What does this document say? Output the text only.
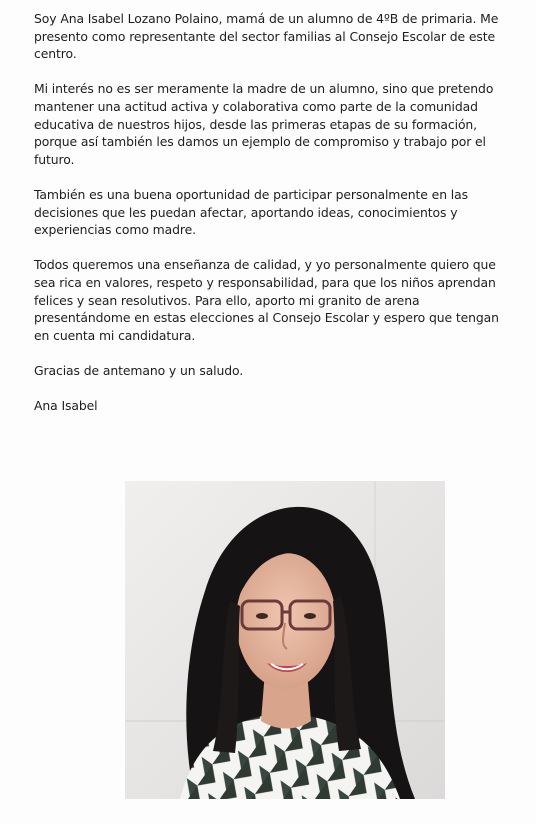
Soy Ana Isabel Lozano Polaino, mamá de un alumno de 4ºB de primaria. Me presento como representante del sector familias al Consejo Escolar de este centro.

Mi interés no es ser meramente la madre de un alumno, sino que pretendo mantener una actitud activa y colaborativa como parte de la comunidad educativa de nuestros hijos, desde las primeras etapas de su formación, porque así también les damos un ejemplo de compromiso y trabajo por el futuro.

También es una buena oportunidad de participar personalmente en las decisiones que les puedan afectar, aportando ideas, conocimientos y experiencias como madre.

Todos queremos una enseñanza de calidad, y yo personalmente quiero que sea rica en valores, respeto y responsabilidad, para que los niños aprendan felices y sean resolutivos. Para ello, aporto mi granito de arena presentándome en estas elecciones al Consejo Escolar y espero que tengan en cuenta mi candidatura.

Gracias de antemano y un saludo.

Ana Isabel
